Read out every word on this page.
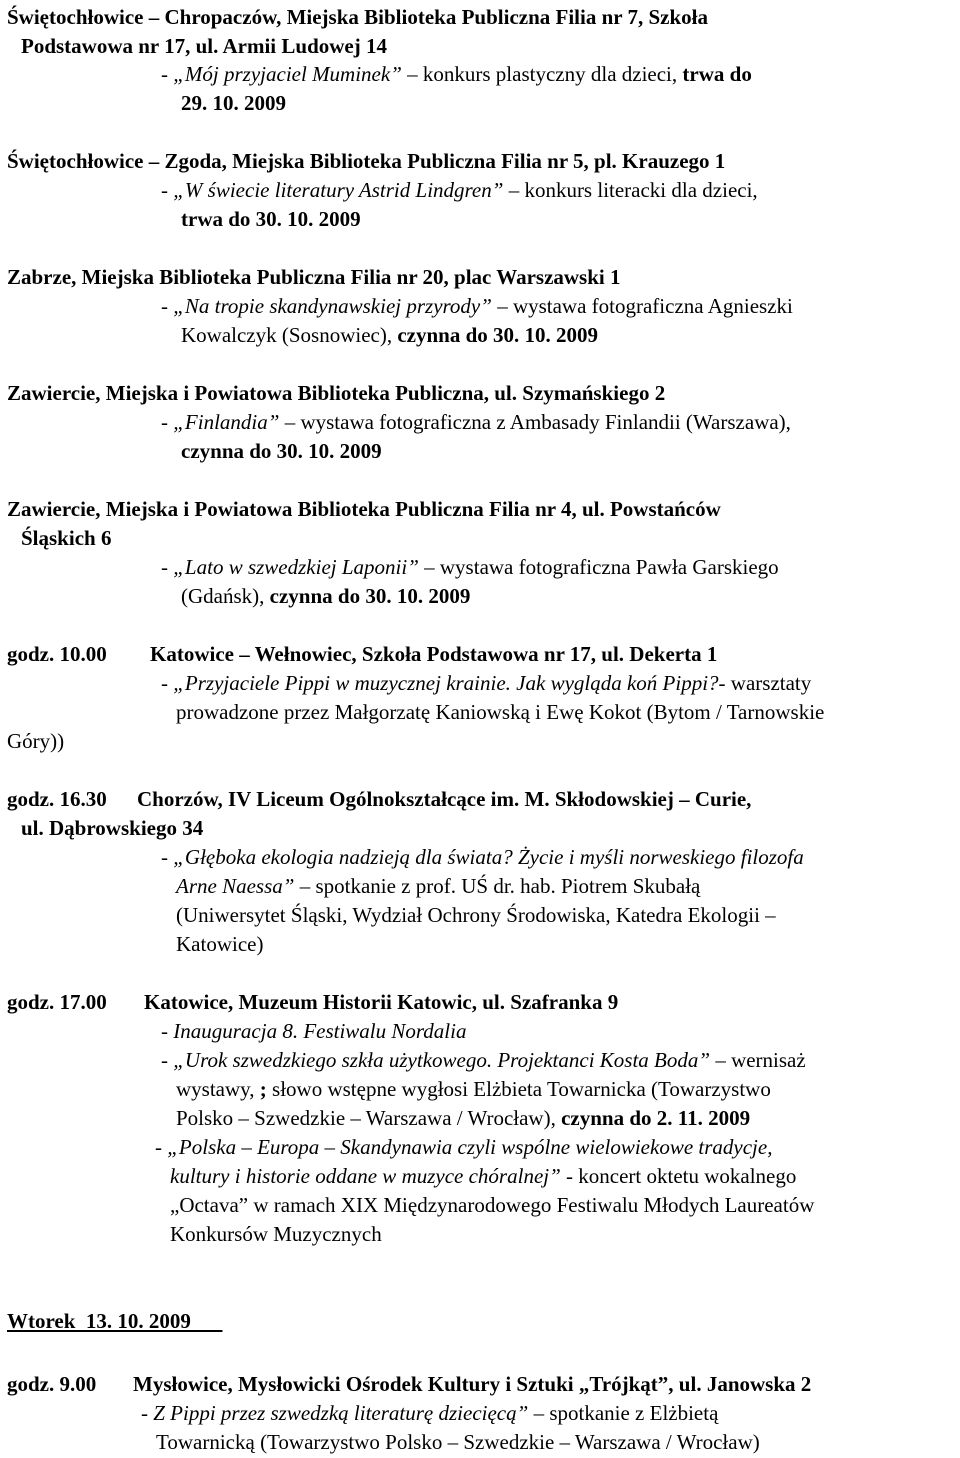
Świętochłowice – Chropaczów, Miejska Biblioteka Publiczna Filia nr 7, Szkoła
Podstawowa nr 17, ul. Armii Ludowej 14
- „Mój przyjaciel Muminek” – konkurs plastyczny dla dzieci, trwa do
29. 10. 2009
Świętochłowice – Zgoda, Miejska Biblioteka Publiczna Filia nr 5, pl. Krauzego 1
- „W świecie literatury Astrid Lindgren” – konkurs literacki dla dzieci,
trwa do 30. 10. 2009
Zabrze, Miejska Biblioteka Publiczna Filia nr 20, plac Warszawski 1
- „Na tropie skandynawskiej przyrody” – wystawa fotograficzna Agnieszki
Kowalczyk (Sosnowiec), czynna do 30. 10. 2009
Zawiercie, Miejska i Powiatowa Biblioteka Publiczna, ul. Szymańskiego 2
- „Finlandia” – wystawa fotograficzna z Ambasady Finlandii (Warszawa),
czynna do 30. 10. 2009
Zawiercie, Miejska i Powiatowa Biblioteka Publiczna Filia nr 4, ul. Powstańców
Śląskich 6
- „Lato w szwedzkiej Laponii” – wystawa fotograficzna Pawła Garskiego
(Gdańsk), czynna do 30. 10. 2009
godz. 10.00 Katowice – Wełnowiec, Szkoła Podstawowa nr 17, ul. Dekerta 1
- „Przyjaciele Pippi w muzycznej krainie. Jak wygląda koń Pippi?- warsztaty
prowadzone przez Małgorzatę Kaniowską i Ewę Kokot (Bytom / Tarnowskie
Góry))
godz. 16.30 Chorzów, IV Liceum Ogólnokształcące im. M. Skłodowskiej – Curie,
ul. Dąbrowskiego 34
- „Głęboka ekologia nadzieją dla świata? Życie i myśli norweskiego filozofa
Arne Naessa” – spotkanie z prof. UŚ dr. hab. Piotrem Skubałą
(Uniwersytet Śląski, Wydział Ochrony Środowiska, Katedra Ekologii –
Katowice)
godz. 17.00 Katowice, Muzeum Historii Katowic, ul. Szafranka 9
- Inauguracja 8. Festiwalu Nordalia
- „Urok szwedzkiego szkła użytkowego. Projektanci Kosta Boda” – wernisaż
wystawy, ; słowo wstępne wygłosi Elżbieta Towarnicka (Towarzystwo
Polsko – Szwedzkie – Warszawa / Wrocław), czynna do 2. 11. 2009
- „Polska – Europa – Skandynawia czyli wspólne wielowiekowe tradycje,
kultury i historie oddane w muzyce chóralnej” - koncert oktetu wokalnego
„Octava” w ramach XIX Międzynarodowego Festiwalu Młodych Laureatów
Konkursów Muzycznych
Wtorek  13. 10. 2009
godz. 9.00 Mysłowice, Mysłowicki Ośrodek Kultury i Sztuki „Trójkąt”, ul. Janowska 2
- Z Pippi przez szwedzką literaturę dziecięcą” – spotkanie z Elżbietą
Towarnicką (Towarzystwo Polsko – Szwedzkie – Warszawa / Wrocław)
